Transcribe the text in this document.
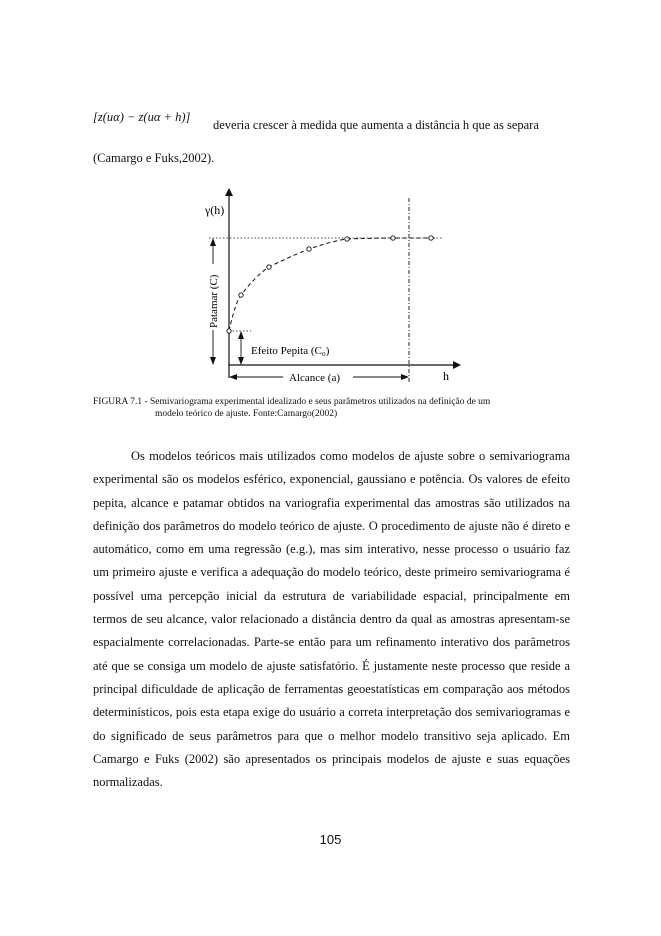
[z(uα) − z(uα + h)]
deveria crescer à medida que aumenta a distância h que as separa
(Camargo e Fuks,2002).
γ(h)
h
Patamar (C)
Efeito Pepita (C₀)
Alcance (a)
FIGURA 7.1 - Semivariograma experimental idealizado e seus parâmetros utilizados na definição de um
modelo teórico de ajuste. Fonte:Camargo(2002)

Os modelos teóricos mais utilizados como modelos de ajuste sobre o semivariograma experimental são os modelos esférico, exponencial, gaussiano e potência. Os valores de efeito pepita, alcance e patamar obtidos na variografia experimental das amostras são utilizados na definição dos parâmetros do modelo teórico de ajuste. O procedimento de ajuste não é direto e automático, como em uma regressão (e.g.), mas sim interativo, nesse processo o usuário faz um primeiro ajuste e verifica a adequação do modelo teórico, deste primeiro semivariograma é possível uma percepção inicial da estrutura de variabilidade espacial, principalmente em termos de seu alcance, valor relacionado a distância dentro da qual as amostras apresentam-se espacialmente correlacionadas. Parte-se então para um refinamento interativo dos parâmetros até que se consiga um modelo de ajuste satisfatório. É justamente neste processo que reside a principal dificuldade de aplicação de ferramentas geoestatísticas em comparação aos métodos determinísticos, pois esta etapa exige do usuário a correta interpretação dos semivariogramas e do significado de seus parâmetros para que o melhor modelo transitivo seja aplicado. Em Camargo e Fuks (2002) são apresentados os principais modelos de ajuste e suas equações normalizadas.

105
